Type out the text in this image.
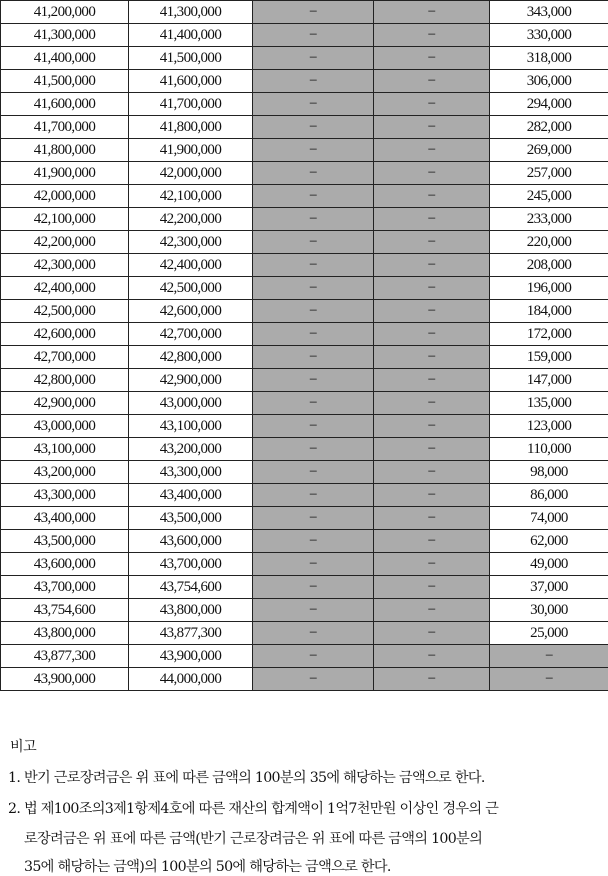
41,200,000	41,300,000	−	−	343,000
41,300,000	41,400,000	−	−	330,000
41,400,000	41,500,000	−	−	318,000
41,500,000	41,600,000	−	−	306,000
41,600,000	41,700,000	−	−	294,000
41,700,000	41,800,000	−	−	282,000
41,800,000	41,900,000	−	−	269,000
41,900,000	42,000,000	−	−	257,000
42,000,000	42,100,000	−	−	245,000
42,100,000	42,200,000	−	−	233,000
42,200,000	42,300,000	−	−	220,000
42,300,000	42,400,000	−	−	208,000
42,400,000	42,500,000	−	−	196,000
42,500,000	42,600,000	−	−	184,000
42,600,000	42,700,000	−	−	172,000
42,700,000	42,800,000	−	−	159,000
42,800,000	42,900,000	−	−	147,000
42,900,000	43,000,000	−	−	135,000
43,000,000	43,100,000	−	−	123,000
43,100,000	43,200,000	−	−	110,000
43,200,000	43,300,000	−	−	98,000
43,300,000	43,400,000	−	−	86,000
43,400,000	43,500,000	−	−	74,000
43,500,000	43,600,000	−	−	62,000
43,600,000	43,700,000	−	−	49,000
43,700,000	43,754,600	−	−	37,000
43,754,600	43,800,000	−	−	30,000
43,800,000	43,877,300	−	−	25,000
43,877,300	43,900,000	−	−	−
43,900,000	44,000,000	−	−	−
비고
1. 반기 근로장려금은 위 표에 따른 금액의 100분의 35에 해당하는 금액으로 한다.
2. 법 제100조의3제1항제4호에 따른 재산의 합계액이 1억7천만원 이상인 경우의 근
로장려금은 위 표에 따른 금액(반기 근로장려금은 위 표에 따른 금액의 100분의
35에 해당하는 금액)의 100분의 50에 해당하는 금액으로 한다.
